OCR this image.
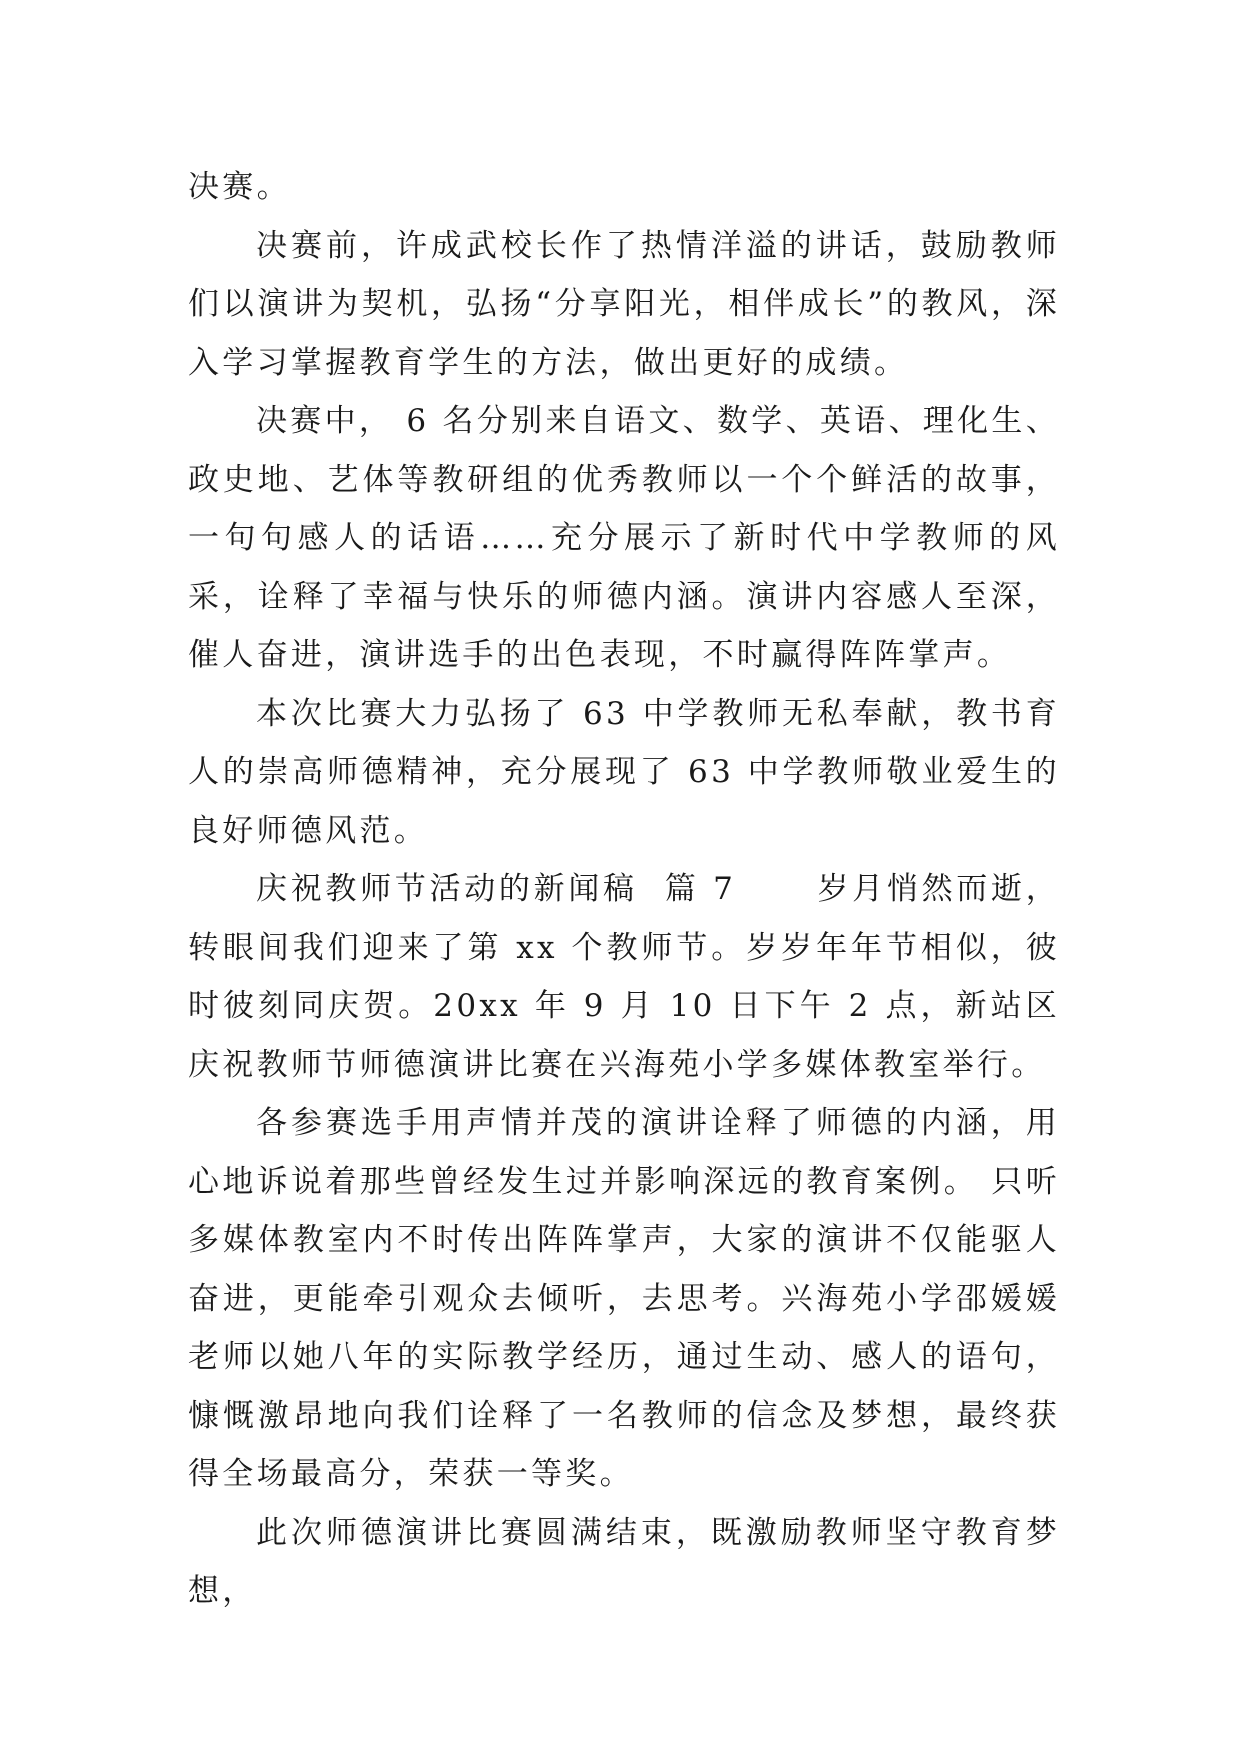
决赛。

决赛前，许成武校长作了热情洋溢的讲话，鼓励教师们以演讲为契机，弘扬“分享阳光，相伴成长”的教风，深入学习掌握教育学生的方法，做出更好的成绩。

决赛中， 6 名分别来自语文、数学、英语、理化生、政史地、艺体等教研组的优秀教师以一个个鲜活的故事，一句句感人的话语……充分展示了新时代中学教师的风采，诠释了幸福与快乐的师德内涵。演讲内容感人至深，催人奋进，演讲选手的出色表现，不时赢得阵阵掌声。

本次比赛大力弘扬了 63 中学教师无私奉献，教书育人的崇高师德精神，充分展现了 63 中学教师敬业爱生的良好师德风范。

庆祝教师节活动的新闻稿  篇 7      岁月悄然而逝，转眼间我们迎来了第 xx 个教师节。岁岁年年节相似，彼时彼刻同庆贺。20xx 年 9 月 10 日下午 2 点，新站区庆祝教师节师德演讲比赛在兴海苑小学多媒体教室举行。

各参赛选手用声情并茂的演讲诠释了师德的内涵，用心地诉说着那些曾经发生过并影响深远的教育案例。 只听多媒体教室内不时传出阵阵掌声，大家的演讲不仅能驱人奋进，更能牵引观众去倾听，去思考。兴海苑小学邵媛媛老师以她八年的实际教学经历，通过生动、感人的语句，慷慨激昂地向我们诠释了一名教师的信念及梦想，最终获得全场最高分，荣获一等奖。

此次师德演讲比赛圆满结束，既激励教师坚守教育梦想，
